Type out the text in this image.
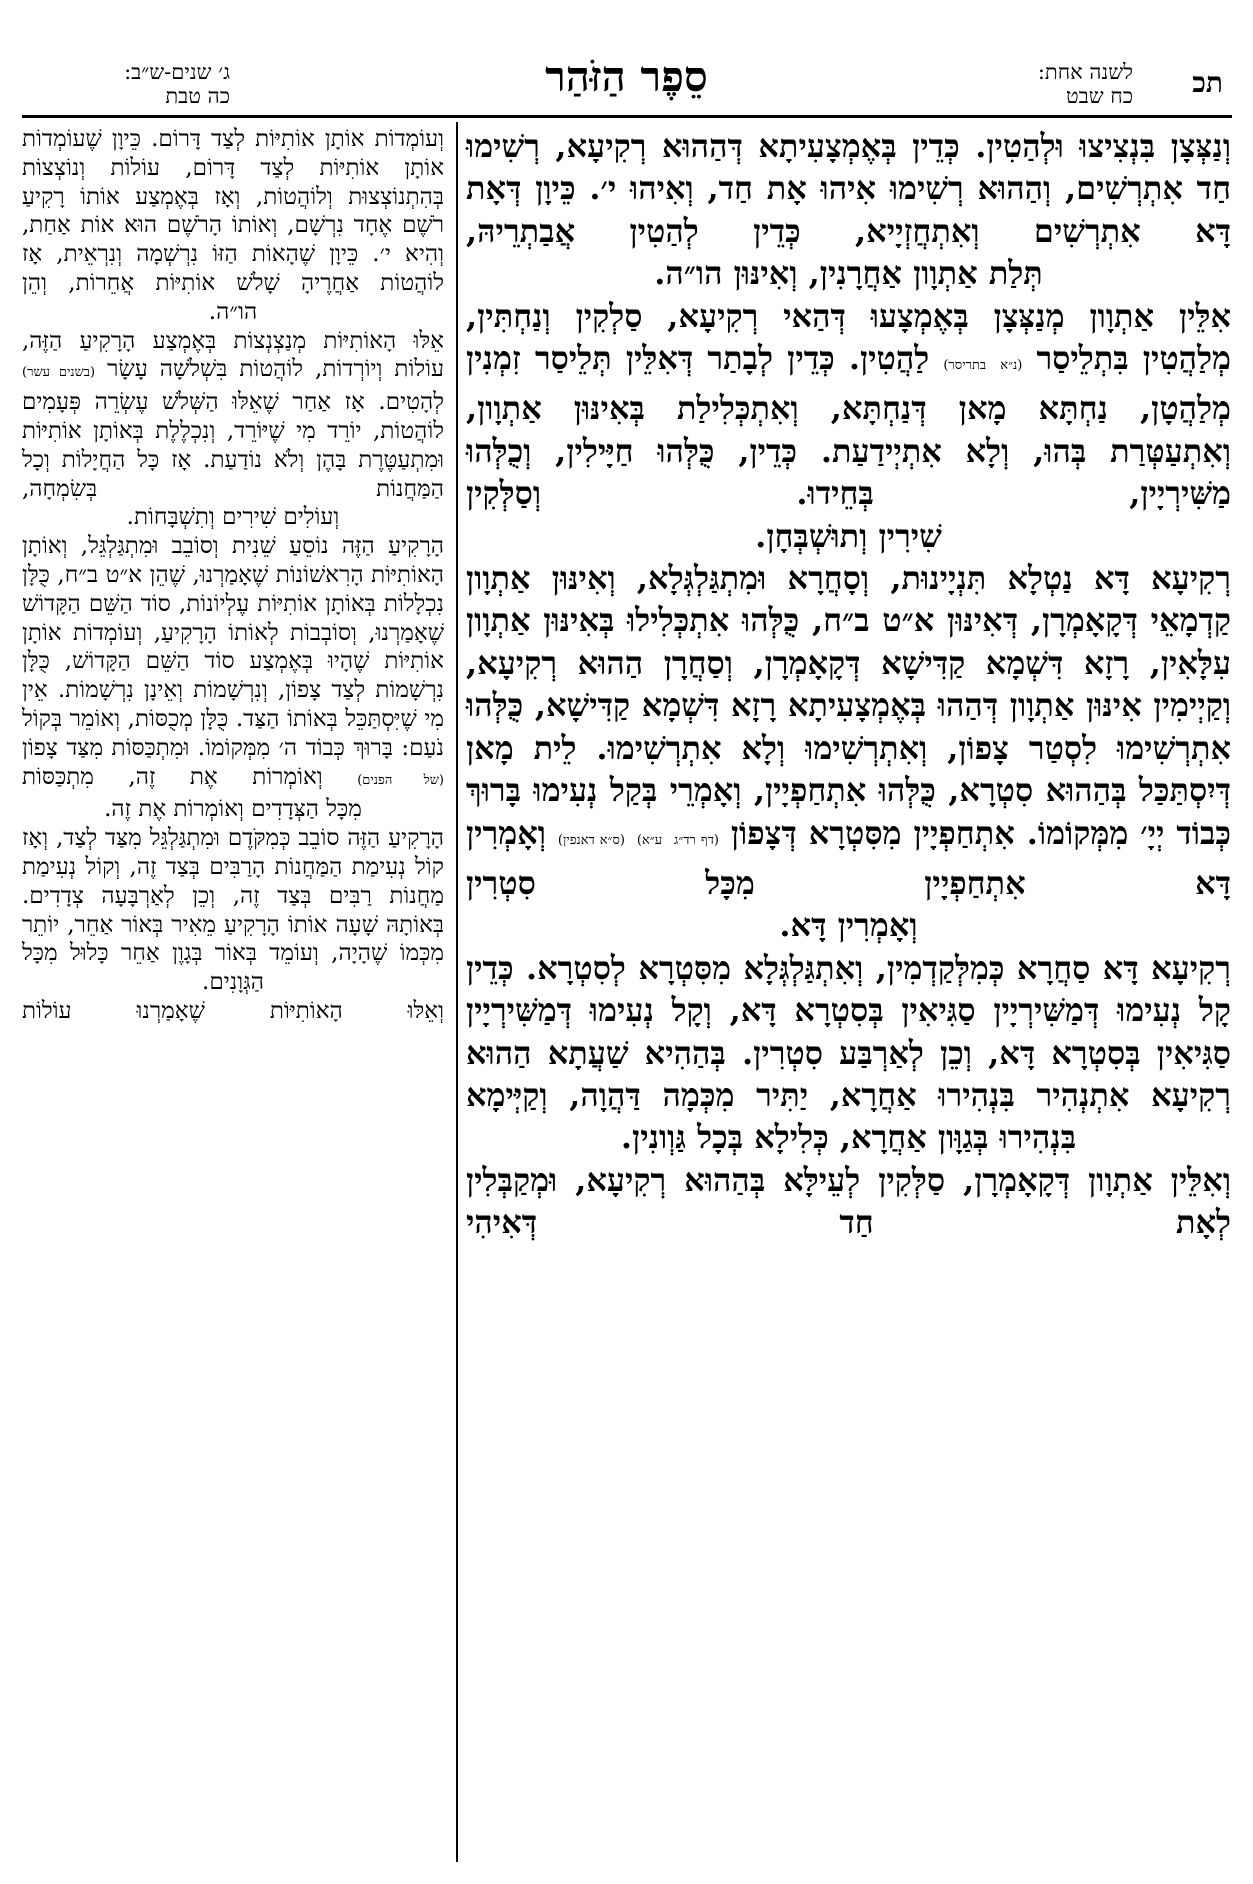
תכ
לשנה אחת:
כח שבט
סֵפֶר הַזֹּהַר
ג׳ שנים-ש״ב:
כה טבת

וְנַצְּצָן בִּנְצִיצוּ וּלְהַטִין. כְּדֵין בְּאֶמְצָעִיתָא דְּהַהוּא רְקִיעָא, רְשִׁימוּ חַד אִתְרְשִׁים, וְהַהוּא רְשִׁימוּ אִיהוּ אָת חַד, וְאִיהוּ י׳. כֵּיוָן דְּאָת דָּא אִתְרְשִׁים וְאִתְחֲזְיָיא, כְּדֵין לְהַטִין אֲבַתְרֵיהּ,

תְּלַת אַתְוָון אַחֲרָנִין, וְאִינּוּן הו״ה.

אִלֵּין אַתְוָון מְנַצְּצָן בְּאֶמְצָעוּ דְּהַאי רְקִיעָא, סַלְקִין וְנַחְתִּין, מְלַהֲטִין בִּתְלֵיסַר (נ״א בתריסר) לַהֲטִין. כְּדֵין לְבָתַר דְּאִלֵּין תְּלֵיסַר זִמְנִין מְלַהֲטָן, נַחְתָּא מָאן דְּנַחְתָּא, וְאִתְכְּלִילַת בְּאִינּוּן אַתְוָון, וְאִתְעַטְּרַת בְּהוּ, וְלָא אִתְיְידַעַת. כְּדֵין, כֻּלְּהוּ חַיָּילִין, וְכֻלְּהוּ מַשִּׁירְיָין, בְּחֵידוּ. וְסַלְּקִין

שִׁירִין וְתוּשְׁבְּחָן.

רְקִיעָא דָּא נַטְלָא תִּנְיָינוּת, וְסָחֲרָא וּמִתְגַּלְגְּלָא, וְאִינּוּן אַתְוָון קַדְמָאֵי דְּקָאָמְרָן, דְּאִינּוּן א״ט ב״ח, כֻּלְּהוּ אִתְכְּלִילוּ בְּאִינּוּן אַתְוָון עִלָּאִין, רָזָא דִּשְׁמָא קַדִּישָׁא דְּקָאָמְרָן, וְסַחֲרָן הַהוּא רְקִיעָא, וְקַיְימִין אִינּוּן אַתְוָון דְּהַהוּ בְּאֶמְצָעִיתָא רָזָא דִּשְׁמָא קַדִּישָׁא, כֻּלְּהוּ אִתְרְשִׁימוּ לִסְטַר צָפוֹן, וְאִתְרְשִׁימוּ וְלָא אִתְרְשִׁימוּ. לֵית מָאן דְּיִסְתַּכַּל בְּהַהוּא סִטְרָא, כֻּלְּהוּ אִתְחַפְיָין, וְאָמְרֵי בְּקַל נְעִימוּ בָּרוּךְ כְּבוֹד יְיָ׳ מִמְּקוֹמוֹ. אִתְחַפְיָין מִסִּטְרָא דְּצָפוֹן (דף רד״ג ע״א) (ס״א דאנפין) וְאָמְרִין דָּא אִתְחַפְיָין מִכָּל סִטְרִין

וְאָמְרִין דָּא.

רְקִיעָא דָּא סַחֲרָא כְּמִלְּקַדְמִין, וְאִתְגַּלְגְּלָא מִסִּטְרָא לְסִטְרָא. כְּדֵין קָל נְעִימוּ דְּמַשִּׁירְיָין סַגִּיאִין בְּסִטְרָא דָּא, וְקָל נְעִימוּ דְּמַשִּׁירְיָין סַגִּיאִין בְּסִטְרָא דָּא, וְכֵן לְאַרְבַּע סִטְרִין. בְּהַהִיא שַׁעֲתָא הַהוּא רְקִיעָא אִתְנְהִיר בִּנְהִירוּ אַחֲרָא, יַתִּיר מִכְּמָה דַּהֲוָה, וְקַיְּימָא

בִּנְהִירוּ בְּגַוָּון אַחֲרָא, כְּלִילָא בְּכָל גַּוְונִין.

וְאִלֵּין אַתְוָון דְּקָאָמְרָן, סַלְּקִין לְעֵילָּא בְּהַהוּא רְקִיעָא, וּמְקַבְּלִין לְאָת חַד דְּאִיהִי

וְעוֹמְדוֹת אוֹתָן אוֹתִיּוֹת לְצַד דָּרוֹם. כֵּיוָן שֶׁעוֹמְדוֹת אוֹתָן אוֹתִיּוֹת לְצַד דָּרוֹם, עוֹלוֹת וְנוֹצְצוֹת בְּהִתְנוֹצְצוּת וְלוֹהֲטוֹת, וְאָז בְּאֶמְצַע אוֹתוֹ רָקִיעַ רֹשֶׁם אֶחָד נִרְשָׁם, וְאוֹתוֹ הָרֹשֶׁם הוּא אוֹת אַחַת, וְהִיא י׳. כֵּיוָן שֶׁהָאוֹת הַזּוֹ נִרְשְׁמָה וְנִרְאֵית, אָז לוֹהֲטוֹת אַחֲרֶיהָ שָׁלֹשׁ אוֹתִיּוֹת אֲחֵרוֹת, וְהֵן

הו״ה.

אֵלּוּ הָאוֹתִיּוֹת מְנַצְנְצוֹת בְּאֶמְצַע הָרָקִיעַ הַזֶּה, עוֹלוֹת וְיוֹרְדוֹת, לוֹהֲטוֹת בִּשְׁלֹשָׁה עָשָׂר (בשנים עשר) לְהָטִים. אָז אַחַר שֶׁאֵלּוּ הַשְּׁלֹשׁ עֶשְׂרֵה פְּעָמִים לוֹהֲטוֹת, יוֹרֵד מִי שֶׁיּוֹרֵד, וְנִכְלֶלֶת בְּאוֹתָן אוֹתִיּוֹת וּמִתְעַטֶּרֶת בָּהֶן וְלֹא נוֹדַעַת. אָז כָּל הַחֲיָלוֹת וְכָל הַמַּחֲנוֹת בְּשִׂמְחָה,

וְעוֹלִים שִׁירִים וְתִשְׁבָּחוֹת.

הָרָקִיעַ הַזֶּה נוֹסֵעַ שֵׁנִית וְסוֹבֵב וּמִתְגַּלְגֵּל, וְאוֹתָן הָאוֹתִיּוֹת הָרִאשׁוֹנוֹת שֶׁאָמַרְנוּ, שֶׁהֵן א״ט ב״ח, כֻּלָּן נִכְלָלוֹת בְּאוֹתָן אוֹתִיּוֹת עֶלְיוֹנוֹת, סוֹד הַשֵּׁם הַקָּדוֹשׁ שֶׁאָמַרְנוּ, וְסוֹבְבוֹת לְאוֹתוֹ הָרָקִיעַ, וְעוֹמְדוֹת אוֹתָן אוֹתִיּוֹת שֶׁהָיוּ בְּאֶמְצַע סוֹד הַשֵּׁם הַקָּדוֹשׁ, כֻּלָּן נִרְשָׁמוֹת לְצַד צָפוֹן, וְנִרְשָׁמוֹת וְאֵינָן נִרְשָׁמוֹת. אֵין מִי שֶׁיִּסְתַּכֵּל בְּאוֹתוֹ הַצַּד. כֻּלָּן מְכֻסּוֹת, וְאוֹמֵר בְּקוֹל נֹעַם: בָּרוּךְ כְּבוֹד ה׳ מִמְּקוֹמוֹ. וּמִתְכַּסּוֹת מִצַּד צָפוֹן (של הפנים) וְאוֹמְרוֹת אֶת זֶה, מִתְכַּסּוֹת

מִכָּל הַצְּדָדִים וְאוֹמְרוֹת אֶת זֶה.

הָרָקִיעַ הַזֶּה סוֹבֵב כְּמִקֹּדֶם וּמִתְגַּלְגֵּל מִצַּד לְצַד, וְאָז קוֹל נְעִימַת הַמַּחֲנוֹת הָרַבִּים בְּצַד זֶה, וְקוֹל נְעִימַת מַחֲנוֹת רַבִּים בְּצַד זֶה, וְכֵן לְאַרְבָּעָה צְדָדִים. בְּאוֹתָהּ שָׁעָה אוֹתוֹ הָרָקִיעַ מֵאִיר בְּאוֹר אַחֵר, יוֹתֵר מִכְּמוֹ שֶׁהָיָה, וְעוֹמֵד בְּאוֹר בְּגָוֶן אַחֵר כָּלוּל מִכָּל

הַגְּוָנִים.

וְאֵלּוּ הָאוֹתִיּוֹת שֶׁאָמַרְנוּ עוֹלוֹת
